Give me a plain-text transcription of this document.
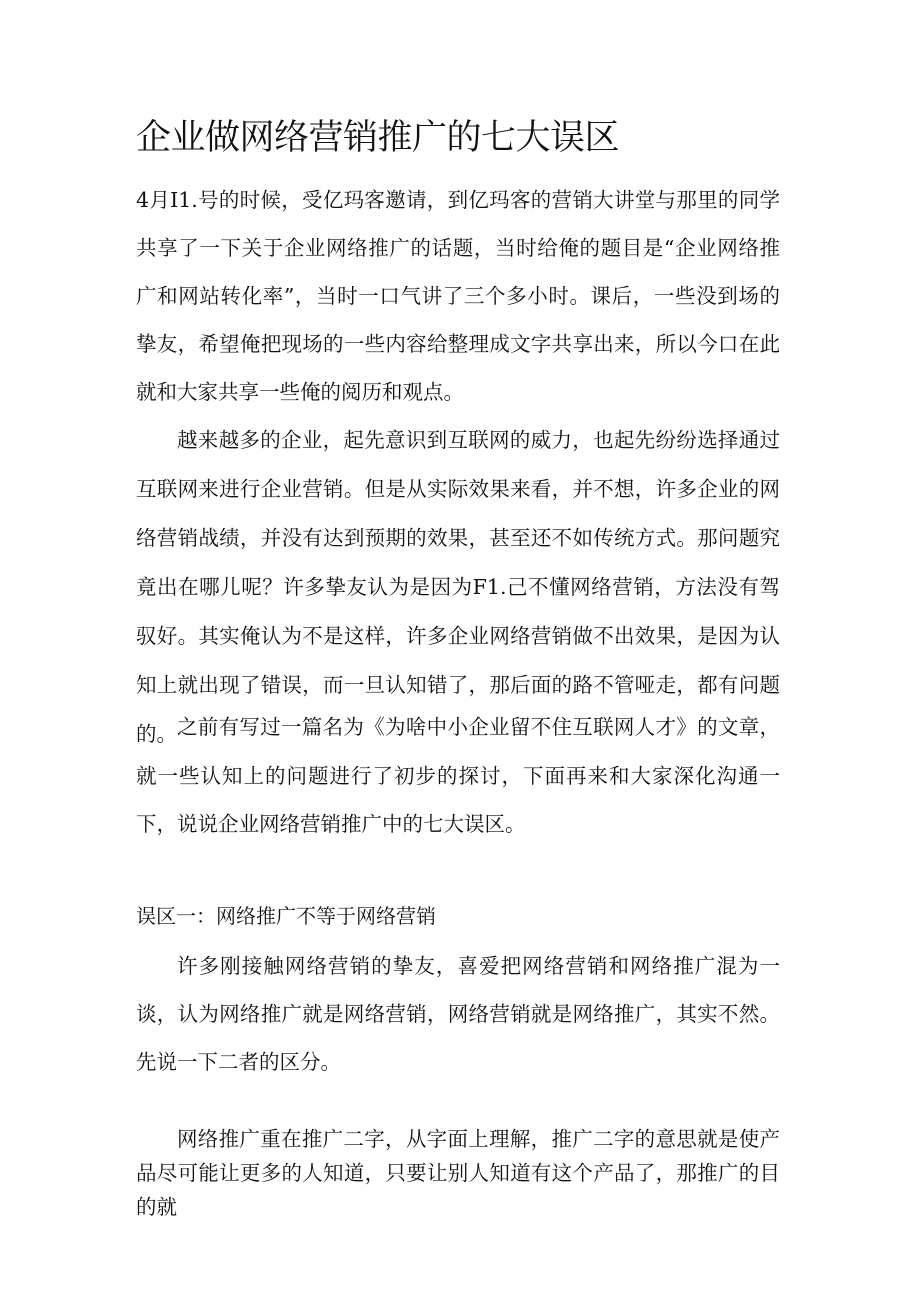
企业做网络营销推广的七大误区

4月I1.号的时候，受亿玛客邀请，到亿玛客的营销大讲堂与那里的同学共享了一下关于企业网络推广的话题，当时给俺的题目是“企业网络推广和网站转化率”，当时一口气讲了三个多小时。课后，一些没到场的挚友，希望俺把现场的一些内容给整理成文字共享出来，所以今口在此就和大家共享一些俺的阅历和观点。

越来越多的企业，起先意识到互联网的威力，也起先纷纷选择通过互联网来进行企业营销。但是从实际效果来看，并不想，许多企业的网络营销战绩，并没有达到预期的效果，甚至还不如传统方式。那问题究竟出在哪儿呢？许多挚友认为是因为F1.己不懂网络营销，方法没有驾驭好。其实俺认为不是这样，许多企业网络营销做不出效果，是因为认知上就出现了错误，而一旦认知错了，那后面的路不管哑走，都有问题的。 之前有写过一篇名为《为啥中小企业留不住互联网人才》的文章，就一些认知上的问题进行了初步的探讨，下面再来和大家深化沟通一下，说说企业网络营销推广中的七大误区。

误区一：网络推广不等于网络营销

许多刚接触网络营销的挚友，喜爱把网络营销和网络推广混为一谈，认为网络推广就是网络营销，网络营销就是网络推广，其实不然。先说一下二者的区分。

网络推广重在推广二字，从字面上理解，推广二字的意思就是使产品尽可能让更多的人知道，只要让别人知道有这个产品了，那推广的目的就
